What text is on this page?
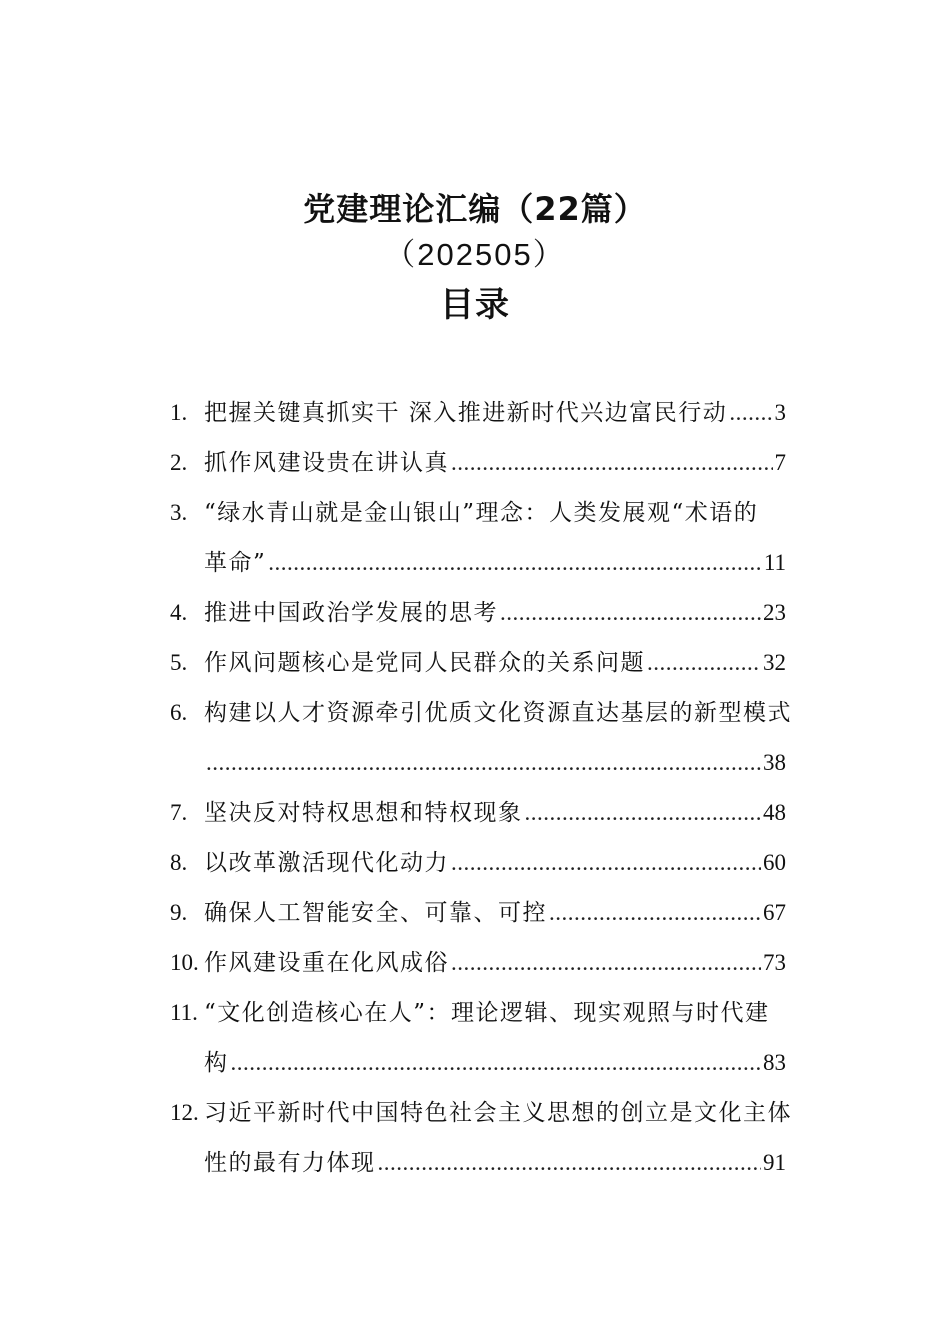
党建理论汇编（22篇）
（202505）
目录
1. 把握关键真抓实干 深入推进新时代兴边富民行动 ..... 3
2. 抓作风建设贵在讲认真 .....	7
3. “绿水青山就是金山银山”理念：人类发展观“术语的
革命” .....	11
4. 推进中国政治学发展的思考 .....	23
5. 作风问题核心是党同人民群众的关系问题 .....	32
6. 构建以人才资源牵引优质文化资源直达基层的新型模式
.....
38
7. 坚决反对特权思想和特权现象 .....	48
8. 以改革激活现代化动力 .....	60
9. 确保人工智能安全、可靠、可控 .....	67
10. 作风建设重在化风成俗 .....	73
11. “文化创造核心在人”：理论逻辑、现实观照与时代建
构 .....	83
12. 习近平新时代中国特色社会主义思想的创立是文化主体
性的最有力体现 .....	91
